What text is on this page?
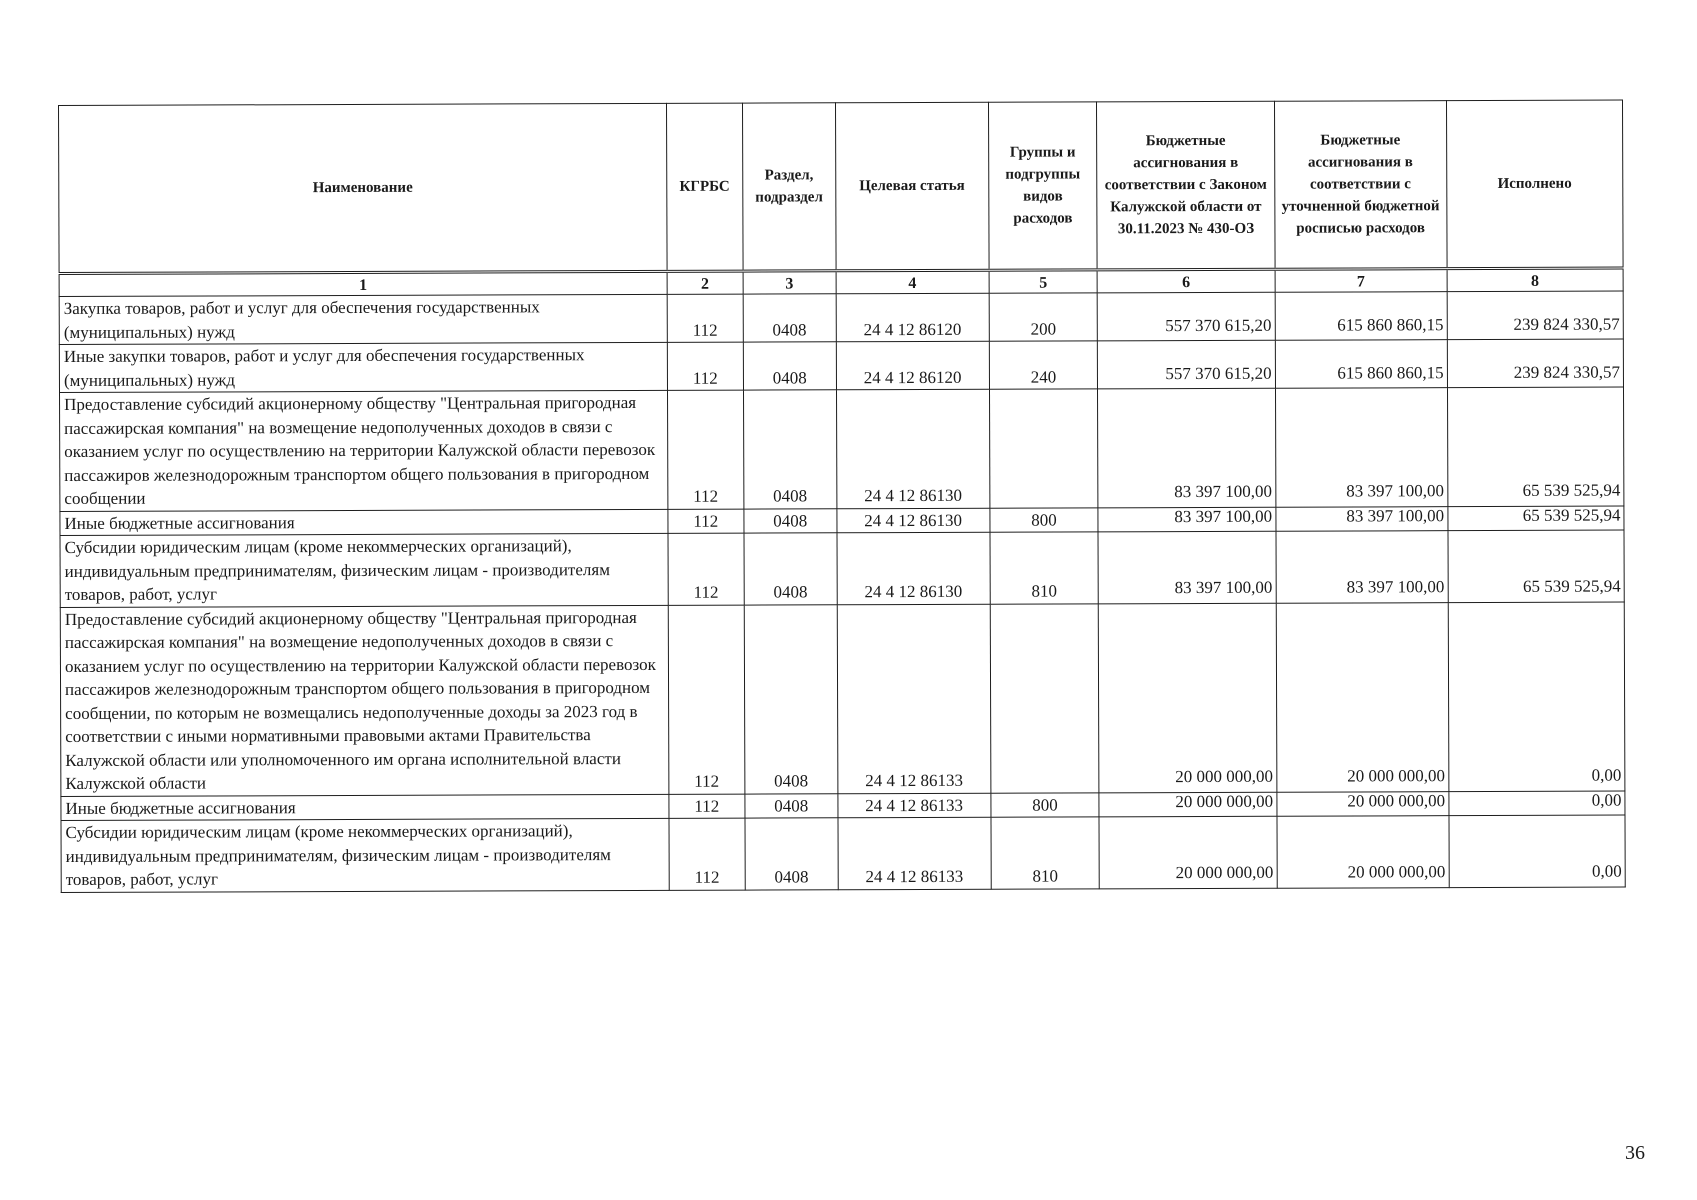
Наименование	КГРБС	Раздел, подраздел	Целевая статья	Группы и подгруппы видов расходов	Бюджетные ассигнования в соответствии с Законом Калужской области от 30.11.2023 № 430-ОЗ	Бюджетные ассигнования в соответствии с уточненной бюджетной росписью расходов	Исполнено
1	2	3	4	5	6	7	8
Закупка товаров, работ и услуг для обеспечения государственных (муниципальных) нужд	112	0408	24 4 12 86120	200	557 370 615,20	615 860 860,15	239 824 330,57
Иные закупки товаров, работ и услуг для обеспечения государственных (муниципальных) нужд	112	0408	24 4 12 86120	240	557 370 615,20	615 860 860,15	239 824 330,57
Предоставление субсидий акционерному обществу "Центральная пригородная пассажирская компания" на возмещение недополученных доходов в связи с оказанием услуг по осуществлению на территории Калужской области перевозок пассажиров железнодорожным транспортом общего пользования в пригородном сообщении	112	0408	24 4 12 86130		83 397 100,00	83 397 100,00	65 539 525,94
Иные бюджетные ассигнования	112	0408	24 4 12 86130	800	83 397 100,00	83 397 100,00	65 539 525,94
Субсидии юридическим лицам (кроме некоммерческих организаций), индивидуальным предпринимателям, физическим лицам - производителям товаров, работ, услуг	112	0408	24 4 12 86130	810	83 397 100,00	83 397 100,00	65 539 525,94
Предоставление субсидий акционерному обществу "Центральная пригородная пассажирская компания" на возмещение недополученных доходов в связи с оказанием услуг по осуществлению на территории Калужской области перевозок пассажиров железнодорожным транспортом общего пользования в пригородном сообщении, по которым не возмещались недополученные доходы за 2023 год в соответствии с иными нормативными правовыми актами Правительства Калужской области или уполномоченного им органа исполнительной власти Калужской области	112	0408	24 4 12 86133		20 000 000,00	20 000 000,00	0,00
Иные бюджетные ассигнования	112	0408	24 4 12 86133	800	20 000 000,00	20 000 000,00	0,00
Субсидии юридическим лицам (кроме некоммерческих организаций), индивидуальным предпринимателям, физическим лицам - производителям товаров, работ, услуг	112	0408	24 4 12 86133	810	20 000 000,00	20 000 000,00	0,00
36
